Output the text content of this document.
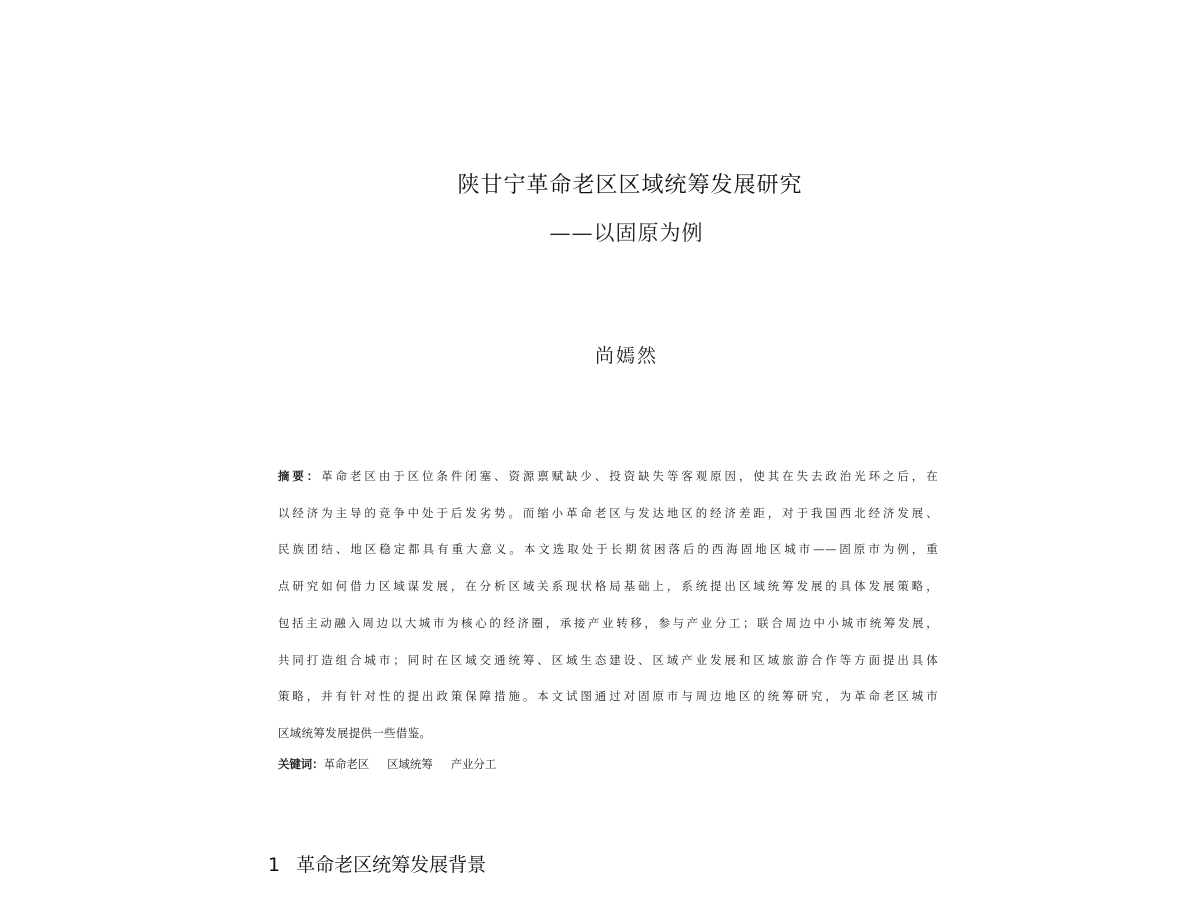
陕甘宁革命老区区域统筹发展研究
——以固原为例
尚嫣然
摘要：革命老区由于区位条件闭塞、资源禀赋缺少、投资缺失等客观原因，使其在失去政治光环之后，在
以经济为主导的竞争中处于后发劣势。而缩小革命老区与发达地区的经济差距，对于我国西北经济发展、
民族团结、地区稳定都具有重大意义。本文选取处于长期贫困落后的西海固地区城市——固原市为例，重
点研究如何借力区域谋发展，在分析区域关系现状格局基础上，系统提出区域统筹发展的具体发展策略，
包括主动融入周边以大城市为核心的经济圈，承接产业转移，参与产业分工；联合周边中小城市统筹发展，
共同打造组合城市；同时在区域交通统筹、区域生态建设、区域产业发展和区域旅游合作等方面提出具体
策略，并有针对性的提出政策保障措施。本文试图通过对固原市与周边地区的统筹研究，为革命老区城市
区域统筹发展提供一些借鉴。
关键词：革命老区 区域统筹 产业分工
1 革命老区统筹发展背景
